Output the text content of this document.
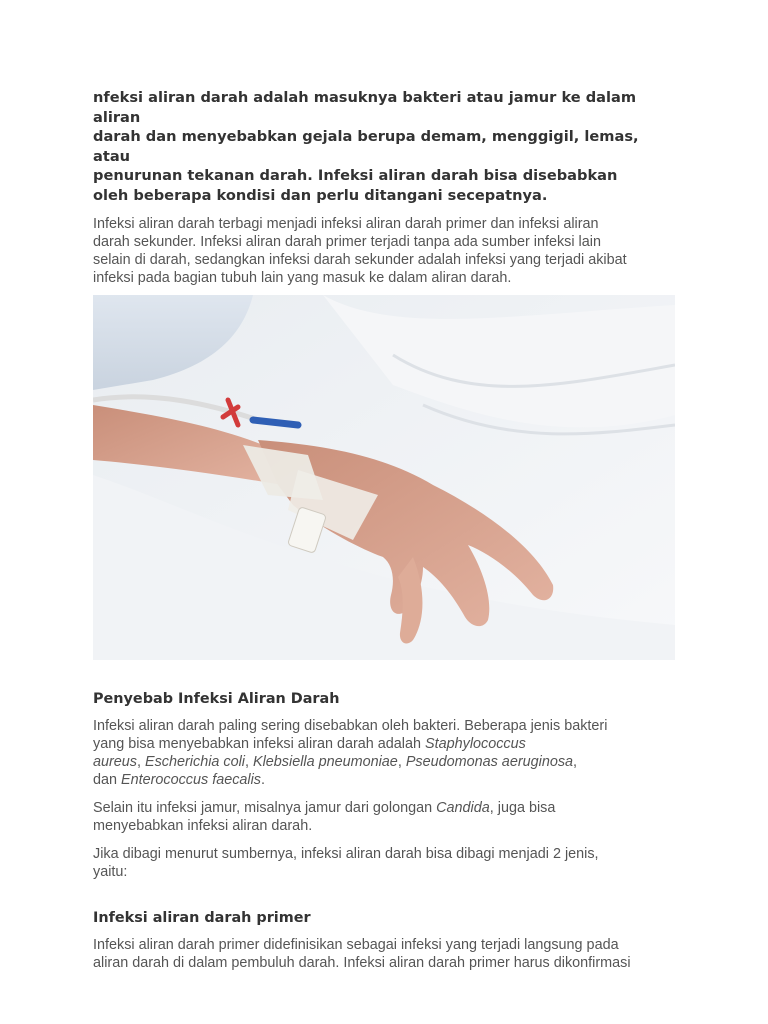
nfeksi aliran darah adalah masuknya bakteri atau jamur ke dalam aliran
darah dan menyebabkan gejala berupa demam, menggigil, lemas, atau
penurunan tekanan darah. Infeksi aliran darah bisa disebabkan
oleh beberapa kondisi dan perlu ditangani secepatnya.

Infeksi aliran darah terbagi menjadi infeksi aliran darah primer dan infeksi aliran
darah sekunder. Infeksi aliran darah primer terjadi tanpa ada sumber infeksi lain
selain di darah, sedangkan infeksi darah sekunder adalah infeksi yang terjadi akibat
infeksi pada bagian tubuh lain yang masuk ke dalam aliran darah.

Penyebab Infeksi Aliran Darah

Infeksi aliran darah paling sering disebabkan oleh bakteri. Beberapa jenis bakteri
yang bisa menyebabkan infeksi aliran darah adalah Staphylococcus
aureus, Escherichia coli, Klebsiella pneumoniae, Pseudomonas aeruginosa,
dan Enterococcus faecalis.

Selain itu infeksi jamur, misalnya jamur dari golongan Candida, juga bisa
menyebabkan infeksi aliran darah.

Jika dibagi menurut sumbernya, infeksi aliran darah bisa dibagi menjadi 2 jenis,
yaitu:

Infeksi aliran darah primer

Infeksi aliran darah primer didefinisikan sebagai infeksi yang terjadi langsung pada
aliran darah di dalam pembuluh darah. Infeksi aliran darah primer harus dikonfirmasi
